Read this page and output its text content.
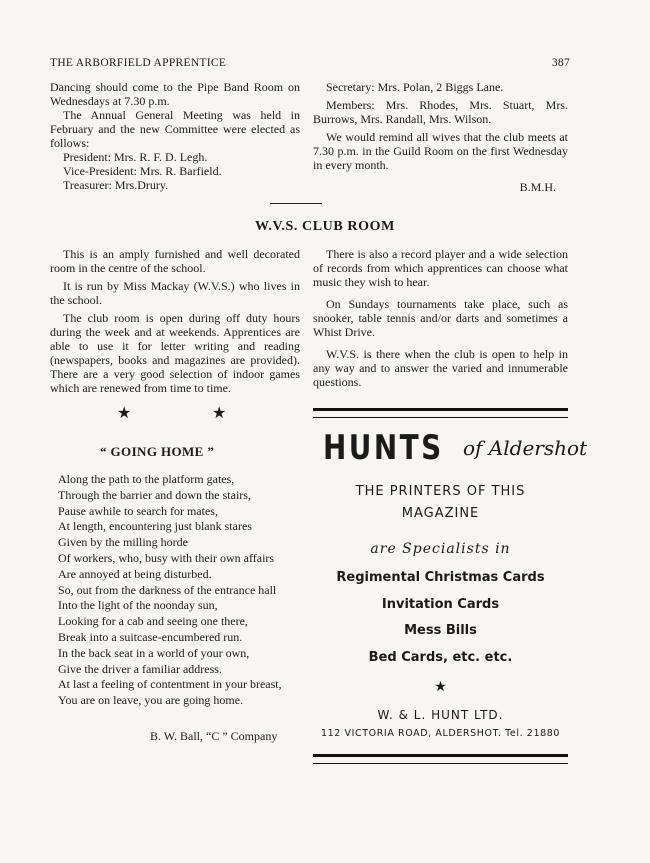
THE ARBORFIELD APPRENTICE	387

Dancing should come to the Pipe Band Room on Wednesdays at 7.30 p.m.

The Annual General Meeting was held in February and the new Committee were elected as follows:

President: Mrs. R. F. D. Legh.

Vice-President: Mrs. R. Barfield.

Treasurer: Mrs.Drury.

Secretary: Mrs. Polan, 2 Biggs Lane.

Members: Mrs. Rhodes, Mrs. Stuart, Mrs. Burrows, Mrs. Randall, Mrs. Wilson.

We would remind all wives that the club meets at 7.30 p.m. in the Guild Room on the first Wednesday in every month.

B.M.H.

W.V.S. CLUB ROOM

This is an amply furnished and well decorated room in the centre of the school.

It is run by Miss Mackay (W.V.S.) who lives in the school.

The club room is open during off duty hours during the week and at weekends. Apprentices are able to use it for letter writing and reading (newspapers, books and magazines are provided). There are a very good selection of indoor games which are renewed from time to time.

There is also a record player and a wide selection of records from which apprentices can choose what music they wish to hear.

On Sundays tournaments take place, such as snooker, table tennis and/or darts and sometimes a Whist Drive.

W.V.S. is there when the club is open to help in any way and to answer the varied and innumerable questions.

★	★
“ GOING HOME ”
Along the path to the platform gates,
Through the barrier and down the stairs,
Pause awhile to search for mates,
At length, encountering just blank stares
Given by the milling horde
Of workers, who, busy with their own affairs
Are annoyed at being disturbed.
So, out from the darkness of the entrance hall
Into the light of the noonday sun,
Looking for a cab and seeing one there,
Break into a suitcase-encumbered run.
In the back seat in a world of your own,
Give the driver a familiar address.
At last a feeling of contentment in your breast,
You are on leave, you are going home.
B. W. Ball, “C ” Company
HUNTS of Aldershot
THE PRINTERS OF THIS
MAGAZINE
are Specialists in
Regimental Christmas Cards
Invitation Cards
Mess Bills
Bed Cards, etc. etc.
★
W. & L. HUNT LTD.
112 VICTORIA ROAD, ALDERSHOT. Tel. 21880
